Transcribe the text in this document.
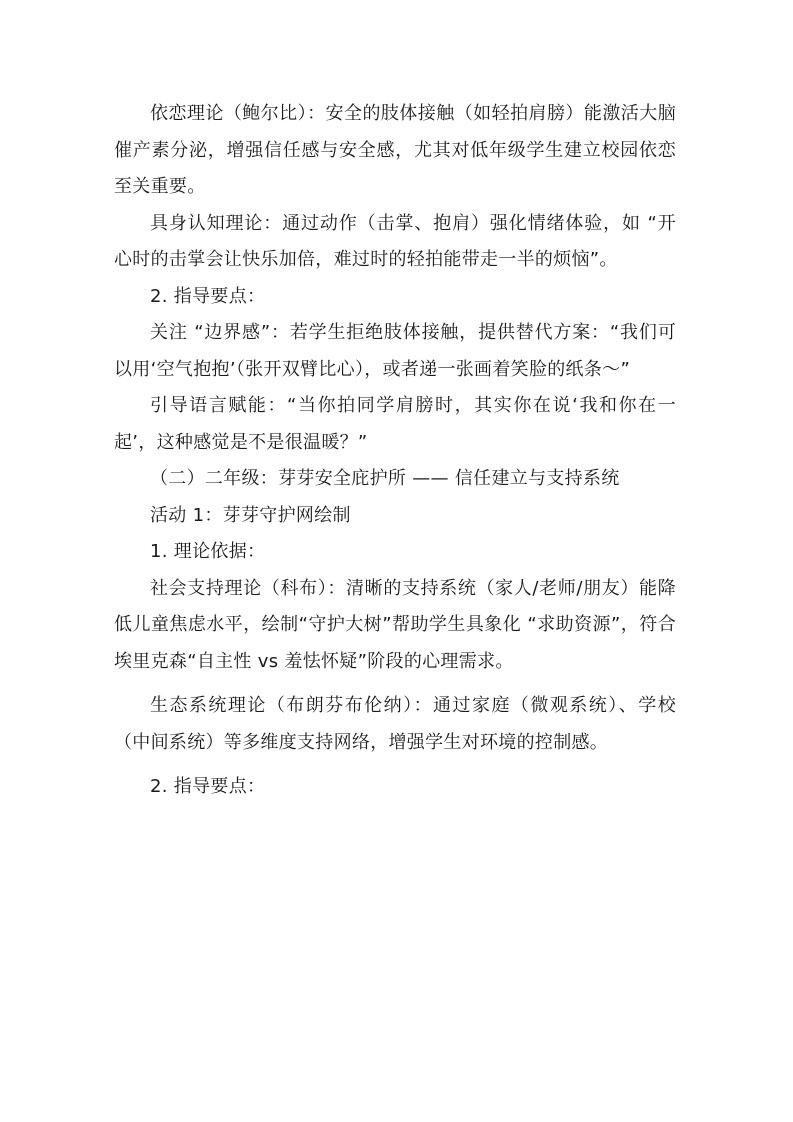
依恋理论（鲍尔比）：安全的肢体接触（如轻拍肩膀）能激活大脑催产素分泌，增强信任感与安全感，尤其对低年级学生建立校园依恋至关重要。

具身认知理论：通过动作（击掌、抱肩）强化情绪体验，如 “开心时的击掌会让快乐加倍，难过时的轻拍能带走一半的烦恼”。

2. 指导要点：

关注 “边界感”：若学生拒绝肢体接触，提供替代方案：“我们可以用‘空气抱抱’（张开双臂比心），或者递一张画着笑脸的纸条～”

引导语言赋能：“当你拍同学肩膀时，其实你在说‘我和你在一起’，这种感觉是不是很温暖？”

（二）二年级：芽芽安全庇护所 —— 信任建立与支持系统

活动 1：芽芽守护网绘制

1. 理论依据：

社会支持理论（科布）：清晰的支持系统（家人/老师/朋友）能降低儿童焦虑水平，绘制“守护大树”帮助学生具象化 “求助资源”，符合埃里克森“自主性 vs 羞怯怀疑”阶段的心理需求。

生态系统理论（布朗芬布伦纳）：通过家庭（微观系统）、学校（中间系统）等多维度支持网络，增强学生对环境的控制感。

2. 指导要点：
